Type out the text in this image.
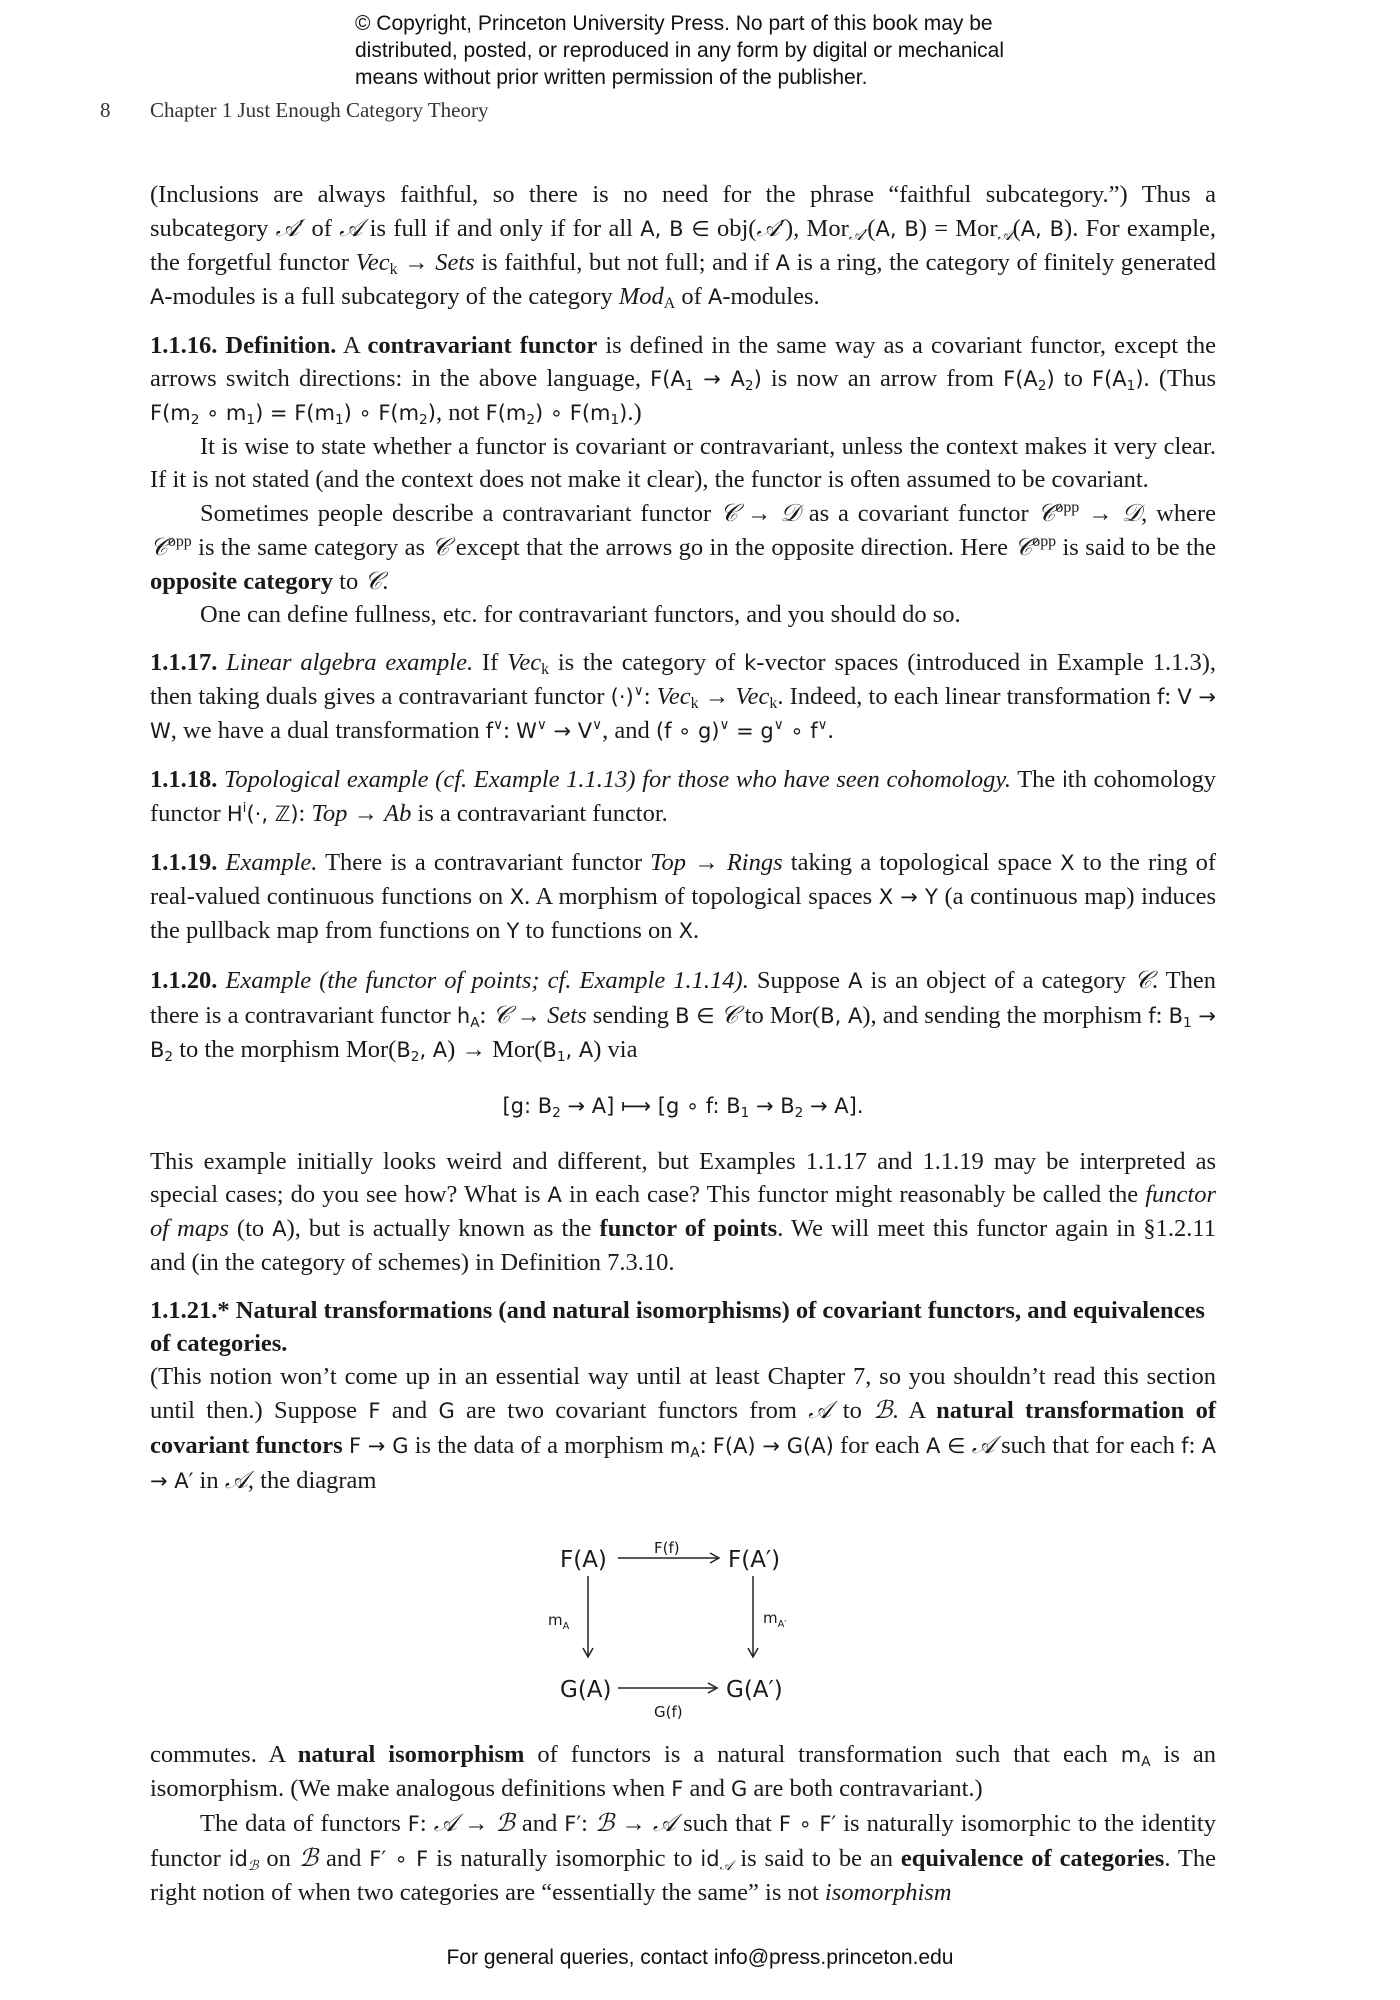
© Copyright, Princeton University Press. No part of this book may be
distributed, posted, or reproduced in any form by digital or mechanical
means without prior written permission of the publisher.
8 Chapter 1 Just Enough Category Theory

(Inclusions are always faithful, so there is no need for the phrase “faithful subcategory.”) Thus a subcategory 𝒜′ of 𝒜 is full if and only if for all A, B ∈ obj(𝒜′), Mor$_{𝒜'}$(A, B) = Mor$_𝒜$(A, B). For example, the forgetful functor Vec$_k$ → Sets is faithful, but not full; and if A is a ring, the category of finitely generated A-modules is a full subcategory of the category Mod$_A$ of A-modules.

1.1.16. Definition. A contravariant functor is defined in the same way as a covariant functor, except the arrows switch directions: in the above language, $F(A_1 \to A_2)$ is now an arrow from $F(A_2)$ to $F(A_1)$. (Thus $F(m_2$ ∘ $m_1) = F(m_1)$ ∘ $F(m_2)$, not $F(m_2)$ ∘ $F(m_1)$.)

It is wise to state whether a functor is covariant or contravariant, unless the context makes it very clear. If it is not stated (and the context does not make it clear), the functor is often assumed to be covariant.

Sometimes people describe a contravariant functor 𝒞 → 𝒟 as a covariant functor 𝒞$^{opp}$ → 𝒟, where 𝒞$^{opp}$ is the same category as 𝒞 except that the arrows go in the opposite direction. Here 𝒞$^{opp}$ is said to be the opposite category to 𝒞.

One can define fullness, etc. for contravariant functors, and you should do so.

1.1.17. Linear algebra example. If Vec$_k$ is the category of k-vector spaces (introduced in Example 1.1.3), then taking duals gives a contravariant functor (·)∨: Vec$_k$ → Vec$_k$. Indeed, to each linear transformation f: V → W, we have a dual transformation f∨: W∨ → V∨, and (f ∘ g)∨ = g∨ ∘ f∨.

1.1.18. Topological example (cf. Example 1.1.13) for those who have seen cohomology. The ith cohomology functor $H^i(\cdot$, ℤ): Top → Ab is a contravariant functor.

1.1.19. Example. There is a contravariant functor Top → Rings taking a topological space X to the ring of real-valued continuous functions on X. A morphism of topological spaces X → Y (a continuous map) induces the pullback map from functions on Y to functions on X.

1.1.20. Example (the functor of points; cf. Example 1.1.14). Suppose A is an object of a category 𝒞. Then there is a contravariant functor $h_A$: 𝒞 → Sets sending B ∈ 𝒞 to Mor(B, A), and sending the morphism f: $B_1 \to B_2$ to the morphism $Mor(B_2$, $A) \to Mor(B_1$, A) via

[g: $B_2 \to A$] ⟼ [g ∘ f: $B_1 \to B_2 \to A$].

This example initially looks weird and different, but Examples 1.1.17 and 1.1.19 may be interpreted as special cases; do you see how? What is A in each case? This functor might reasonably be called the functor of maps (to A), but is actually known as the functor of points. We will meet this functor again in §1.2.11 and (in the category of schemes) in Definition 7.3.10.

1.1.21.* Natural transformations (and natural isomorphisms) of covariant functors, and equivalences of categories.

(This notion won’t come up in an essential way until at least Chapter 7, so you shouldn’t read this section until then.) Suppose F and G are two covariant functors from 𝒜 to ℬ. A natural transformation of covariant functors F → G is the data of a morphism $m_A$: F(A) → G(A) for each A ∈ 𝒜 such that for each f: A → A′ in 𝒜, the diagram

F(A)	F(A′)
G(A)	G(A′)
F(f)
G(f)
$m_A$	$m_{A'}$

commutes. A natural isomorphism of functors is a natural transformation such that each $m_A$ is an isomorphism. (We make analogous definitions when F and G are both contravariant.)

The data of functors F: 𝒜 → ℬ and F′: ℬ → 𝒜 such that F ∘ F′ is naturally isomorphic to the identity functor $id_ℬ$ on ℬ and F′ ∘ F is naturally isomorphic to $id_𝒜$ is said to be an equivalence of categories. The right notion of when two categories are “essentially the same” is not isomorphism

For general queries, contact info@press.princeton.edu
